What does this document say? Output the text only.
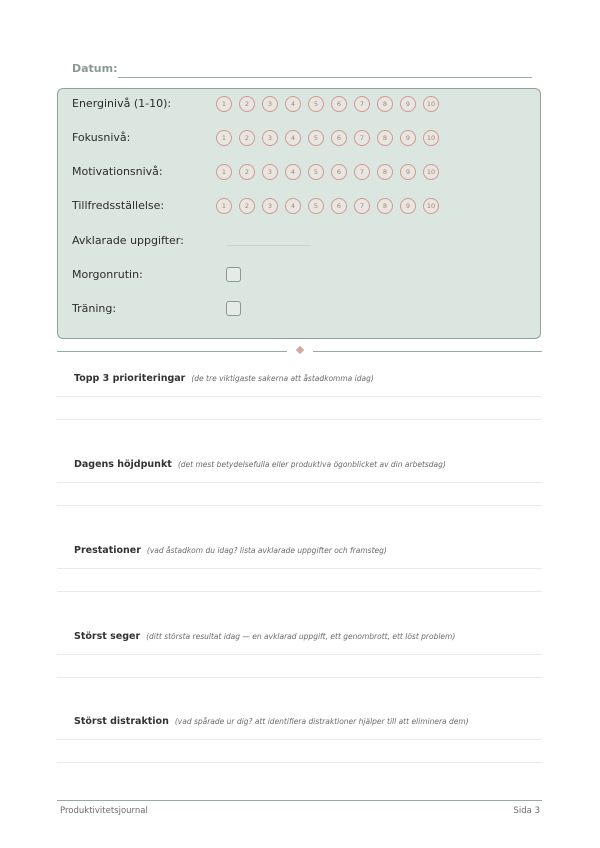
Datum:
Energinivå (1-10):	1	2	3	4	5	6	7	8	9	10
Fokusnivå:	1	2	3	4	5	6	7	8	9	10
Motivationsnivå:	1	2	3	4	5	6	7	8	9	10
Tillfredsställelse:	1	2	3	4	5	6	7	8	9	10
Avklarade uppgifter:
Morgonrutin:
Träning:
Topp 3 prioriteringar (de tre viktigaste sakerna att åstadkomma idag)
Dagens höjdpunkt (det mest betydelsefulla eller produktiva ögonblicket av din arbetsdag)
Prestationer (vad åstadkom du idag? lista avklarade uppgifter och framsteg)
Störst seger (ditt största resultat idag — en avklarad uppgift, ett genombrott, ett löst problem)
Störst distraktion (vad spårade ur dig? att identifiera distraktioner hjälper till att eliminera dem)
Produktivitetsjournal	Sida 3
